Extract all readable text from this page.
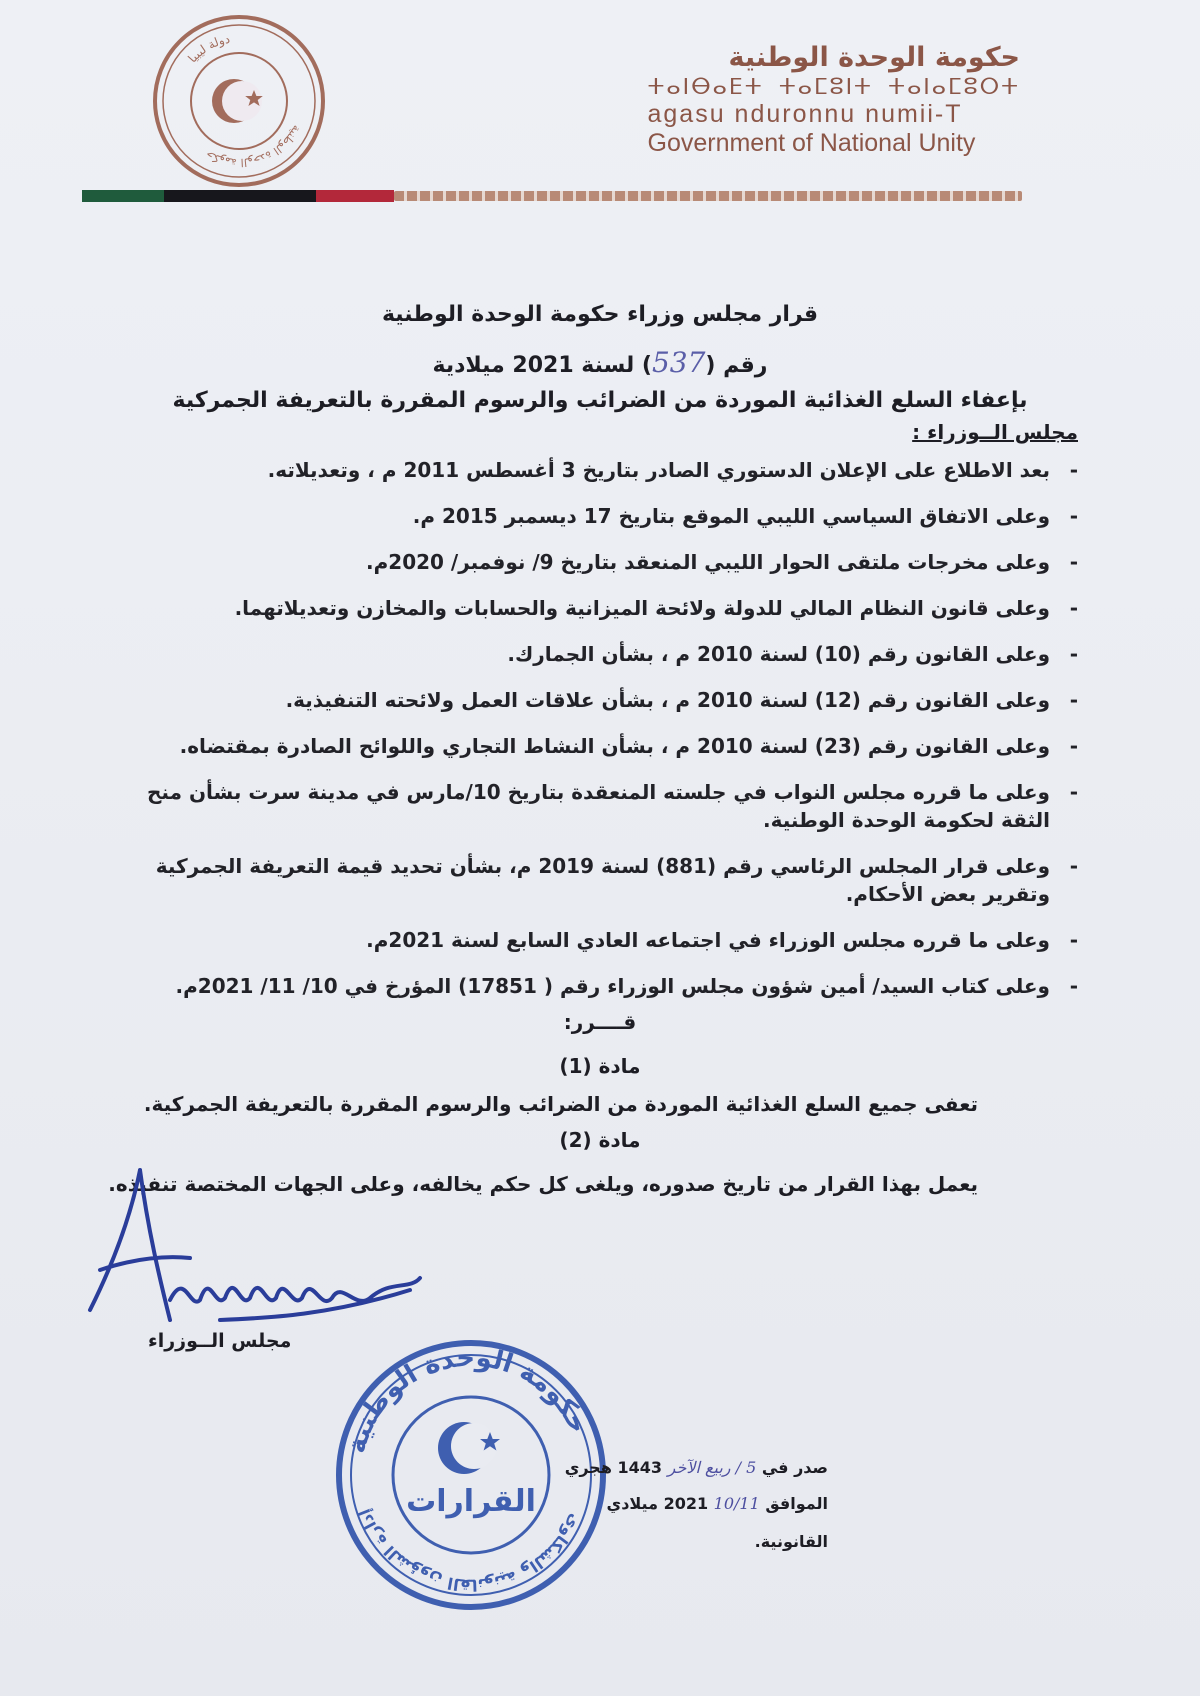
دولة ليبيا
حكومة الوحدة الوطنية
حكومة الوحدة الوطنية
ⵜⴰⵏⴱⴰⴹⵜ ⵜⴰⵎⵓⵏⵜ ⵜⴰⵏⴰⵎⵓⵔⵜ
agasu nduronnu numii-T
Government of National Unity
قرار مجلس وزراء حكومة الوحدة الوطنية
رقم (537) لسنة 2021 ميلادية
بإعفاء السلع الغذائية الموردة من الضرائب والرسوم المقررة بالتعريفة الجمركية
مجلس الــوزراء :
- بعد الاطلاع على الإعلان الدستوري الصادر بتاريخ 3 أغسطس 2011 م ، وتعديلاته.
- وعلى الاتفاق السياسي الليبي الموقع بتاريخ 17 ديسمبر 2015 م.
- وعلى مخرجات ملتقى الحوار الليبي المنعقد بتاريخ 9/ نوفمبر/ 2020م.
- وعلى قانون النظام المالي للدولة ولائحة الميزانية والحسابات والمخازن وتعديلاتهما.
- وعلى القانون رقم (10) لسنة 2010 م ، بشأن الجمارك.
- وعلى القانون رقم (12) لسنة 2010 م ، بشأن علاقات العمل ولائحته التنفيذية.
- وعلى القانون رقم (23) لسنة 2010 م ، بشأن النشاط التجاري واللوائح الصادرة بمقتضاه.
- وعلى ما قرره مجلس النواب في جلسته المنعقدة بتاريخ 10/مارس في مدينة سرت بشأن منح الثقة لحكومة الوحدة الوطنية.
- وعلى قرار المجلس الرئاسي رقم (881) لسنة 2019 م، بشأن تحديد قيمة التعريفة الجمركية وتقرير بعض الأحكام.
- وعلى ما قرره مجلس الوزراء في اجتماعه العادي السابع لسنة 2021م.
- وعلى كتاب السيد/ أمين شؤون مجلس الوزراء رقم ( 17851) المؤرخ في 10/ 11/ 2021م.
قــــرر:
مادة (1)
تعفى جميع السلع الغذائية الموردة من الضرائب والرسوم المقررة بالتعريفة الجمركية.
مادة (2)
يعمل بهذا القرار من تاريخ صدوره، ويلغى كل حكم يخالفه، وعلى الجهات المختصة تنفيذه.
مجلس الــوزراء
القرارات
حكومة الوحدة الوطنية
إدارة الشؤون القانونية والشكاوى
صدر في 5 / ربيع الآخر 1443 هجري
الموافق 10/11 2021 ميلادي
القانونية.
